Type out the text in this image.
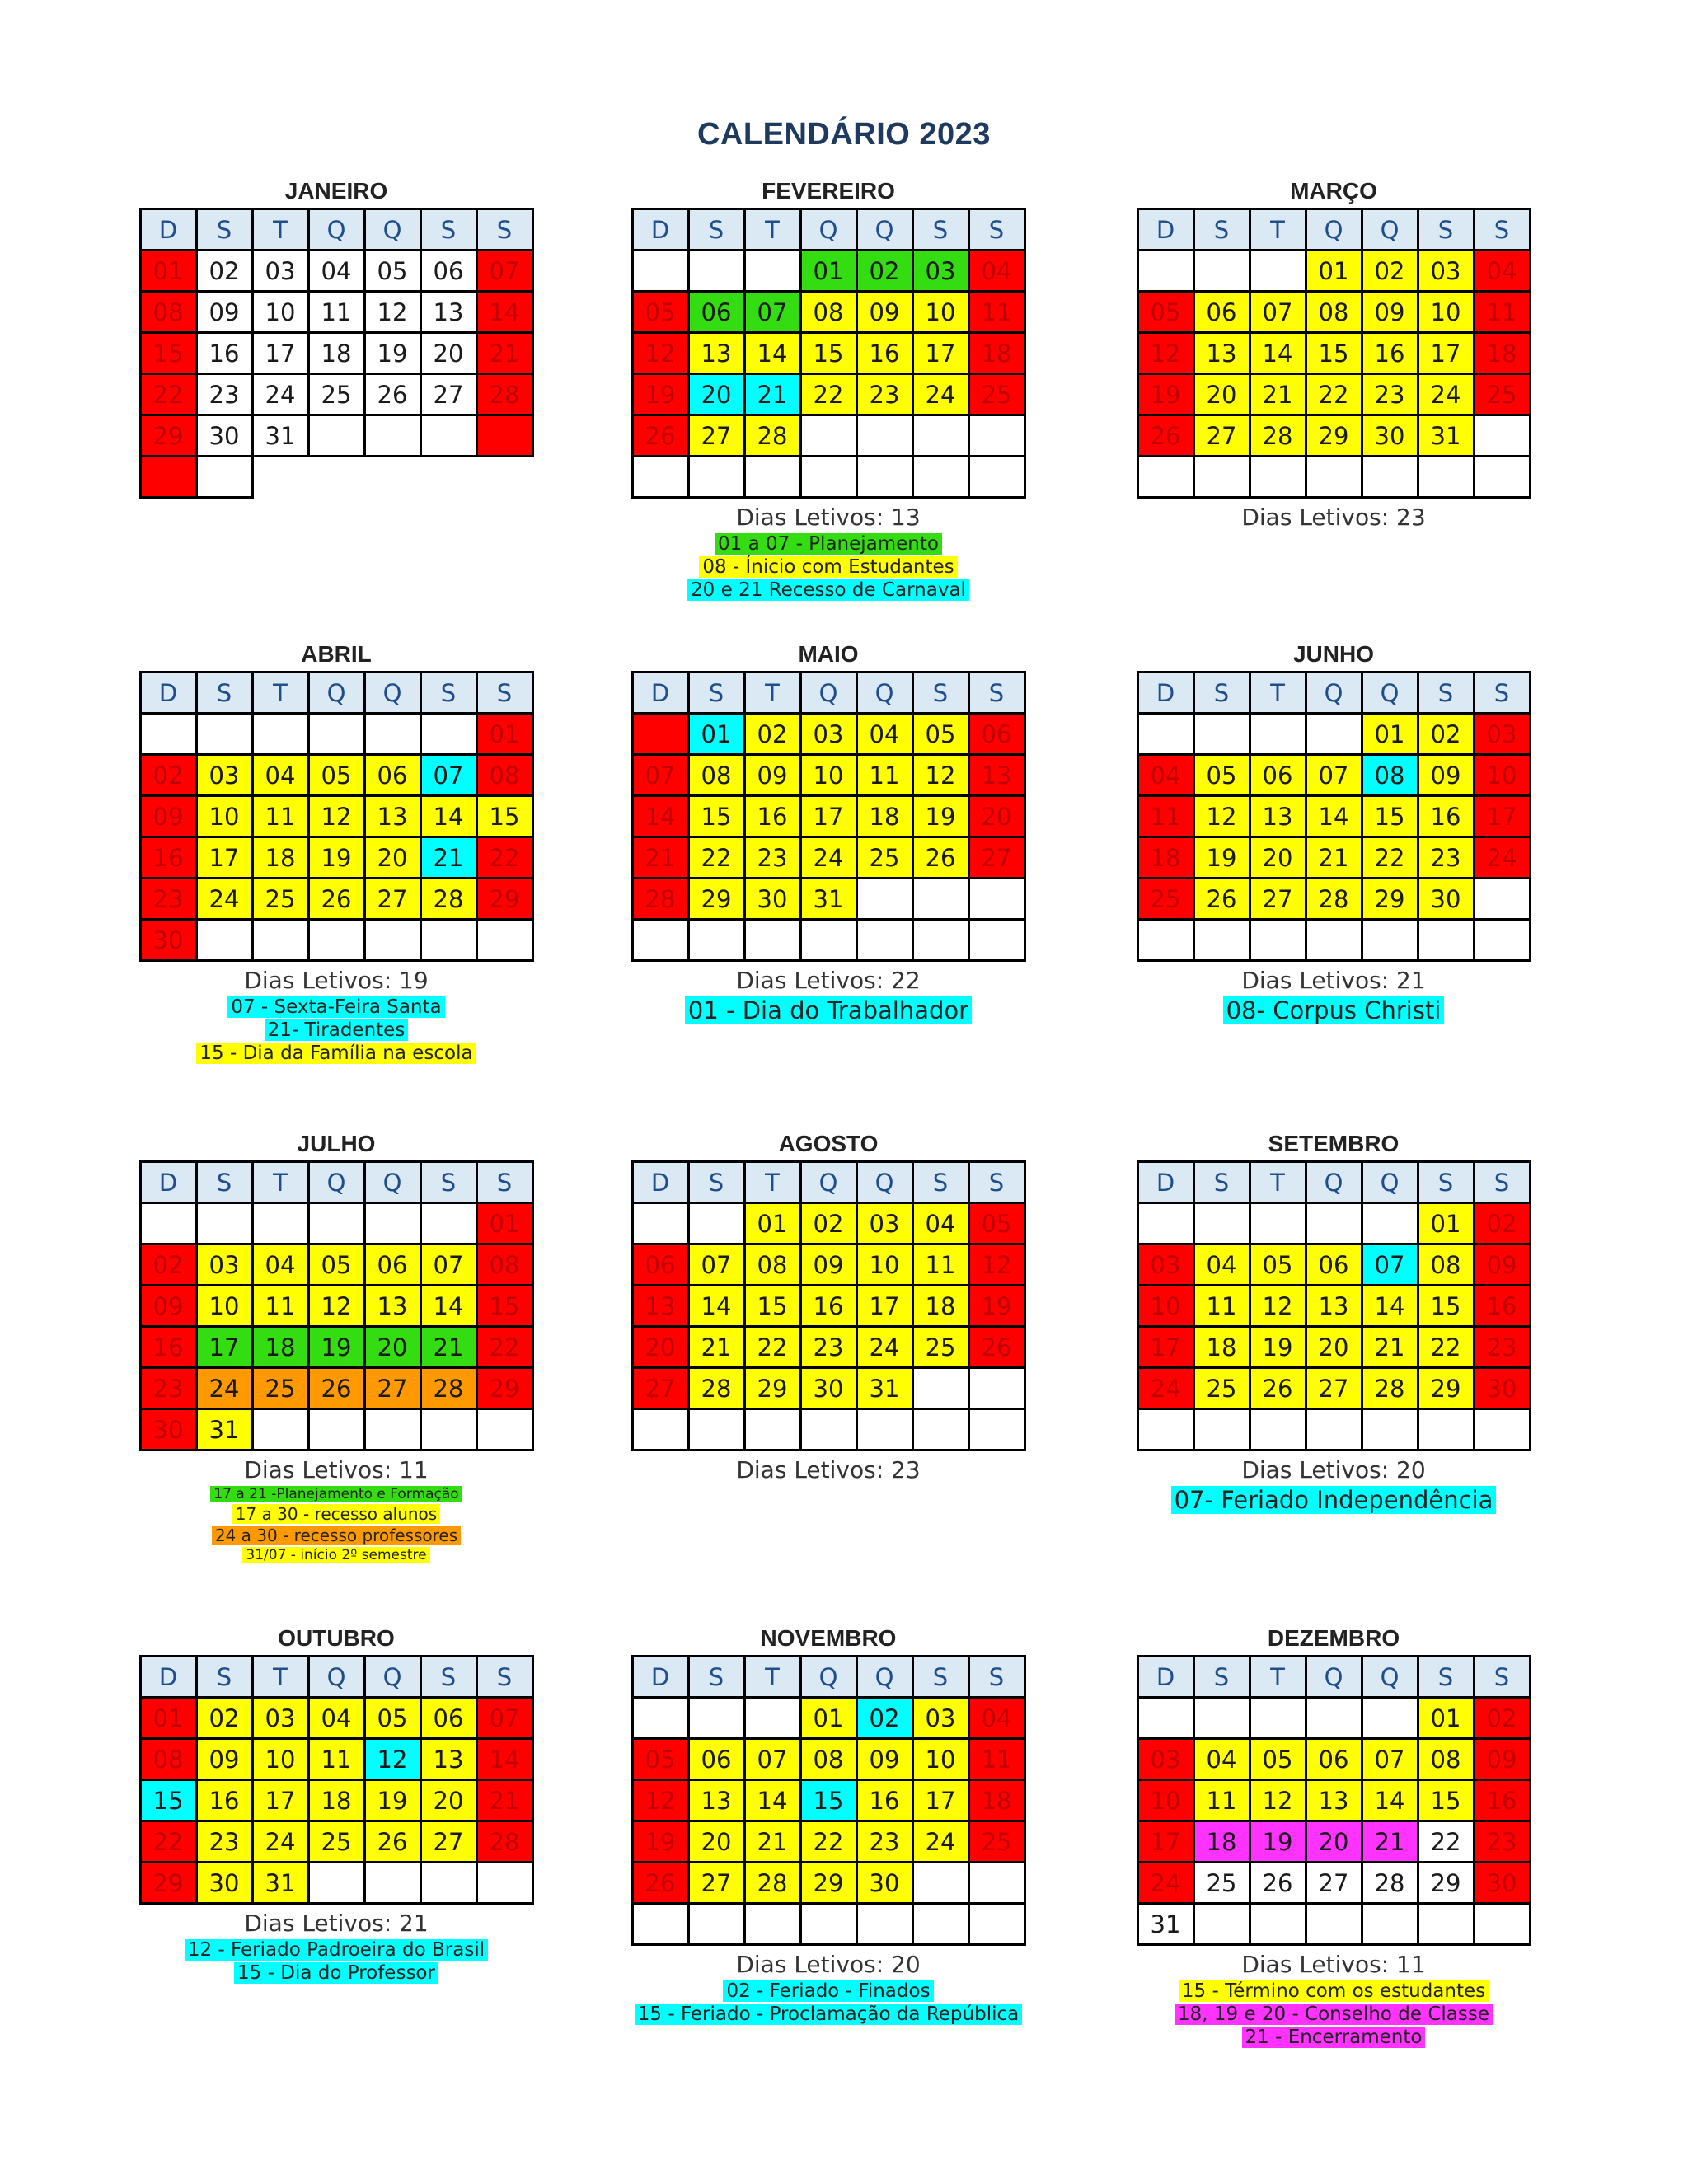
CALENDÁRIO 2023
JANEIRO
D	S	T	Q	Q	S	S
01	02	03	04	05	06	07
08	09	10	11	12	13	14
15	16	17	18	19	20	21
22	23	24	25	26	27	28
29	30	31				

FEVEREIRO
D	S	T	Q	Q	S	S
			01	02	03	04
05	06	07	08	09	10	11
12	13	14	15	16	17	18
19	20	21	22	23	24	25
26	27	28				

Dias Letivos: 13
01 a 07 - Planejamento
08 - Ínicio com Estudantes
20 e 21 Recesso de Carnaval
MARÇO
D	S	T	Q	Q	S	S
			01	02	03	04
05	06	07	08	09	10	11
12	13	14	15	16	17	18
19	20	21	22	23	24	25
26	27	28	29	30	31	

Dias Letivos: 23
ABRIL
D	S	T	Q	Q	S	S
						01
02	03	04	05	06	07	08
09	10	11	12	13	14	15
16	17	18	19	20	21	22
23	24	25	26	27	28	29
30						
Dias Letivos: 19
07 - Sexta-Feira Santa
21- Tiradentes
15 - Dia da Família na escola
MAIO
D	S	T	Q	Q	S	S
	01	02	03	04	05	06
07	08	09	10	11	12	13
14	15	16	17	18	19	20
21	22	23	24	25	26	27
28	29	30	31			

Dias Letivos: 22
01 - Dia do Trabalhador
JUNHO
D	S	T	Q	Q	S	S
				01	02	03
04	05	06	07	08	09	10
11	12	13	14	15	16	17
18	19	20	21	22	23	24
25	26	27	28	29	30	

Dias Letivos: 21
08- Corpus Christi
JULHO
D	S	T	Q	Q	S	S
						01
02	03	04	05	06	07	08
09	10	11	12	13	14	15
16	17	18	19	20	21	22
23	24	25	26	27	28	29
30	31					
Dias Letivos: 11
17 a 21 -Planejamento e Formação
17 a 30 - recesso alunos
24 a 30 - recesso professores
31/07 - início 2º semestre
AGOSTO
D	S	T	Q	Q	S	S
		01	02	03	04	05
06	07	08	09	10	11	12
13	14	15	16	17	18	19
20	21	22	23	24	25	26
27	28	29	30	31		

Dias Letivos: 23
SETEMBRO
D	S	T	Q	Q	S	S
					01	02
03	04	05	06	07	08	09
10	11	12	13	14	15	16
17	18	19	20	21	22	23
24	25	26	27	28	29	30

Dias Letivos: 20
07- Feriado Independência
OUTUBRO
D	S	T	Q	Q	S	S
01	02	03	04	05	06	07
08	09	10	11	12	13	14
15	16	17	18	19	20	21
22	23	24	25	26	27	28
29	30	31				
Dias Letivos: 21
12 - Feriado Padroeira do Brasil
15 - Dia do Professor
NOVEMBRO
D	S	T	Q	Q	S	S
			01	02	03	04
05	06	07	08	09	10	11
12	13	14	15	16	17	18
19	20	21	22	23	24	25
26	27	28	29	30		

Dias Letivos: 20
02 - Feriado - Finados
15 - Feriado - Proclamação da República
DEZEMBRO
D	S	T	Q	Q	S	S
					01	02
03	04	05	06	07	08	09
10	11	12	13	14	15	16
17	18	19	20	21	22	23
24	25	26	27	28	29	30
31						
Dias Letivos: 11
15 - Término com os estudantes
18, 19 e 20 - Conselho de Classe
21 - Encerramento
